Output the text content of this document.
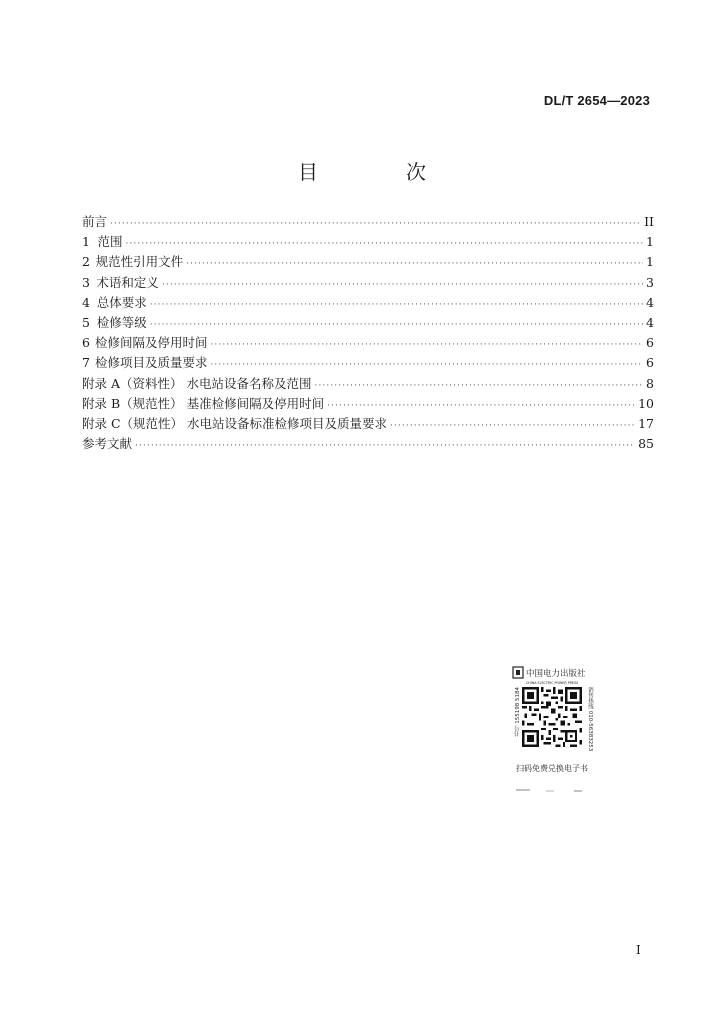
DL/T 2654—2023
目　次
前言 ·····	II
1 范围 ·····	1
2 规范性引用文件 ·····	1
3 术语和定义 ·····	3
4 总体要求 ·····	4
5 检修等级 ·····	4
6 检修间隔及停用时间 ·····	6
7 检修项目及质量要求 ·····	6
附录 A（资料性） 水电站设备名称及范围 ·····	8
附录 B（规范性） 基准检修间隔及停用时间 ·····	10
附录 C（规范性） 水电站设备标准检修项目及质量要求 ·····	17
参考文献 ·····	85
中国电力出版社
CHINA ELECTRIC POWER PRESS
书号 155198 5184	销售热线 010-56383253
扫码免费兑换电子书
I
